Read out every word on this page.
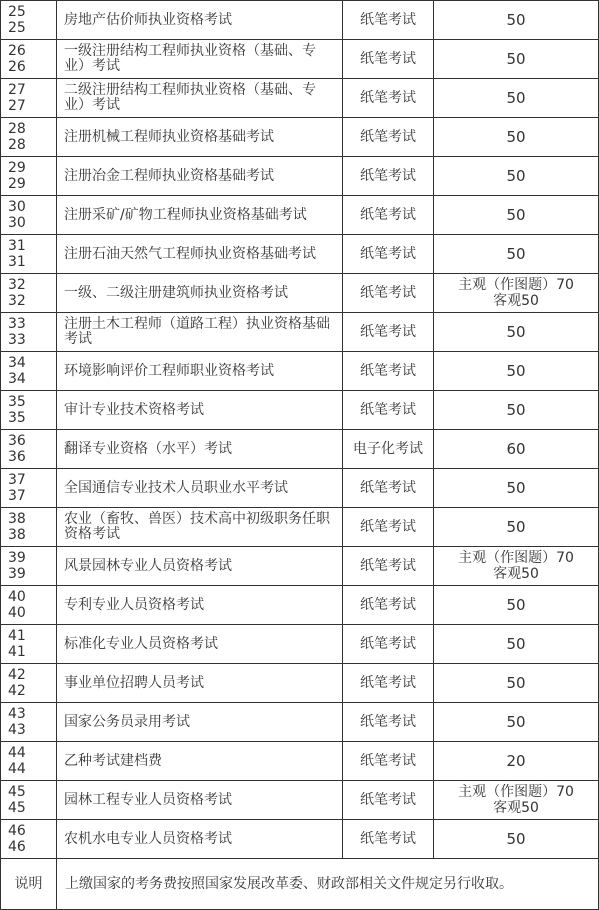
25
25	房地产估价师执业资格考试	纸笔考试	50

26
26	一级注册结构工程师执业资格（基础、专业）考试	纸笔考试	50

27
27	二级注册结构工程师执业资格（基础、专业）考试	纸笔考试	50

28
28	注册机械工程师执业资格基础考试	纸笔考试	50

29
29	注册冶金工程师执业资格基础考试	纸笔考试	50

30
30	注册采矿/矿物工程师执业资格基础考试	纸笔考试	50

31
31	注册石油天然气工程师执业资格基础考试	纸笔考试	50

32
32	一级、二级注册建筑师执业资格考试	纸笔考试	主观（作图题）70
客观50

33
33	注册土木工程师（道路工程）执业资格基础考试	纸笔考试	50

34
34	环境影响评价工程师职业资格考试	纸笔考试	50

35
35	审计专业技术资格考试	纸笔考试	50

36
36	翻译专业资格（水平）考试	电子化考试	60

37
37	全国通信专业技术人员职业水平考试	纸笔考试	50

38
38	农业（畜牧、兽医）技术高中初级职务任职资格考试	纸笔考试	50

39
39	风景园林专业人员资格考试	纸笔考试	主观（作图题）70
客观50

40
40	专利专业人员资格考试	纸笔考试	50

41
41	标准化专业人员资格考试	纸笔考试	50

42
42	事业单位招聘人员考试	纸笔考试	50

43
43	国家公务员录用考试	纸笔考试	50

44
44	乙种考试建档费	纸笔考试	20

45
45	园林工程专业人员资格考试	纸笔考试	主观（作图题）70
客观50

46
46	农机水电专业人员资格考试	纸笔考试	50
说明	上缴国家的考务费按照国家发展改革委、财政部相关文件规定另行收取。		
